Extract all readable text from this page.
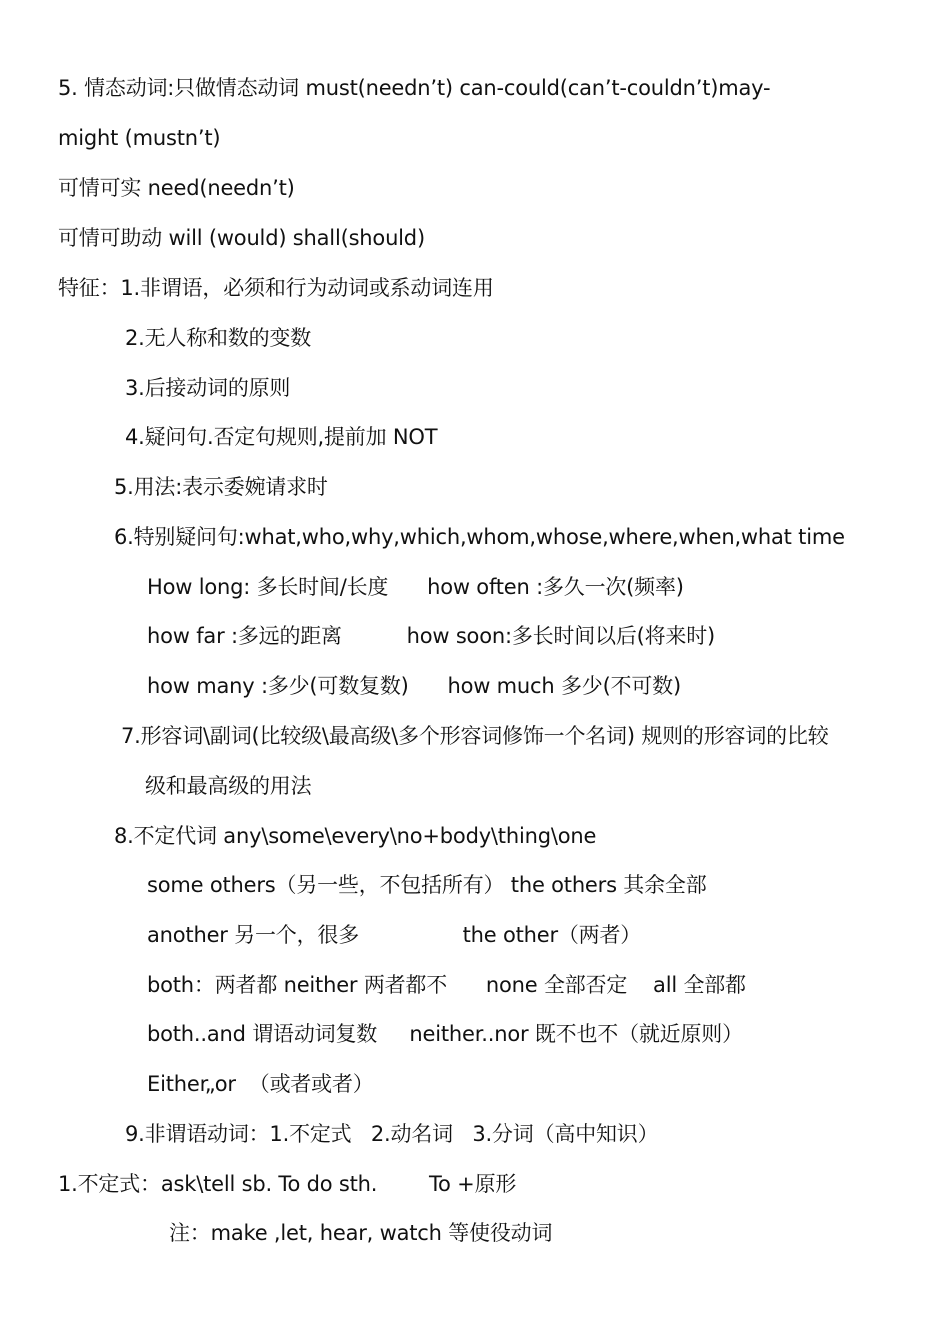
5. 情态动词:只做情态动词 must(needn’t) can-could(can’t-couldn’t)may-
might (mustn’t)
可情可实 need(needn’t)
可情可助动 will (would) shall(should)
特征：1.非谓语，必须和行为动词或系动词连用
2.无人称和数的变数
3.后接动词的原则
4.疑问句.否定句规则,提前加 NOT
5.用法:表示委婉请求时
6.特别疑问句:what,who,why,which,whom,whose,where,when,what time
How long: 多长时间/长度      how often :多久一次(频率)
how far :多远的距离          how soon:多长时间以后(将来时)
how many :多少(可数复数)      how much 多少(不可数)
7.形容词\副词(比较级\最高级\多个形容词修饰一个名词) 规则的形容词的比较
级和最高级的用法
8.不定代词 any\some\every\no+body\thing\one
some others（另一些，不包括所有） the others 其余全部
another 另一个，很多                the other（两者）
both：两者都 neither 两者都不      none 全部否定    all 全部都
both..and 谓语动词复数     neither..nor 既不也不（就近原则）
Either„or  （或者或者）
9.非谓语动词：1.不定式   2.动名词   3.分词（高中知识）
1.不定式：ask\tell sb. To do sth.        To +原形
注：make ,let, hear, watch 等使役动词
